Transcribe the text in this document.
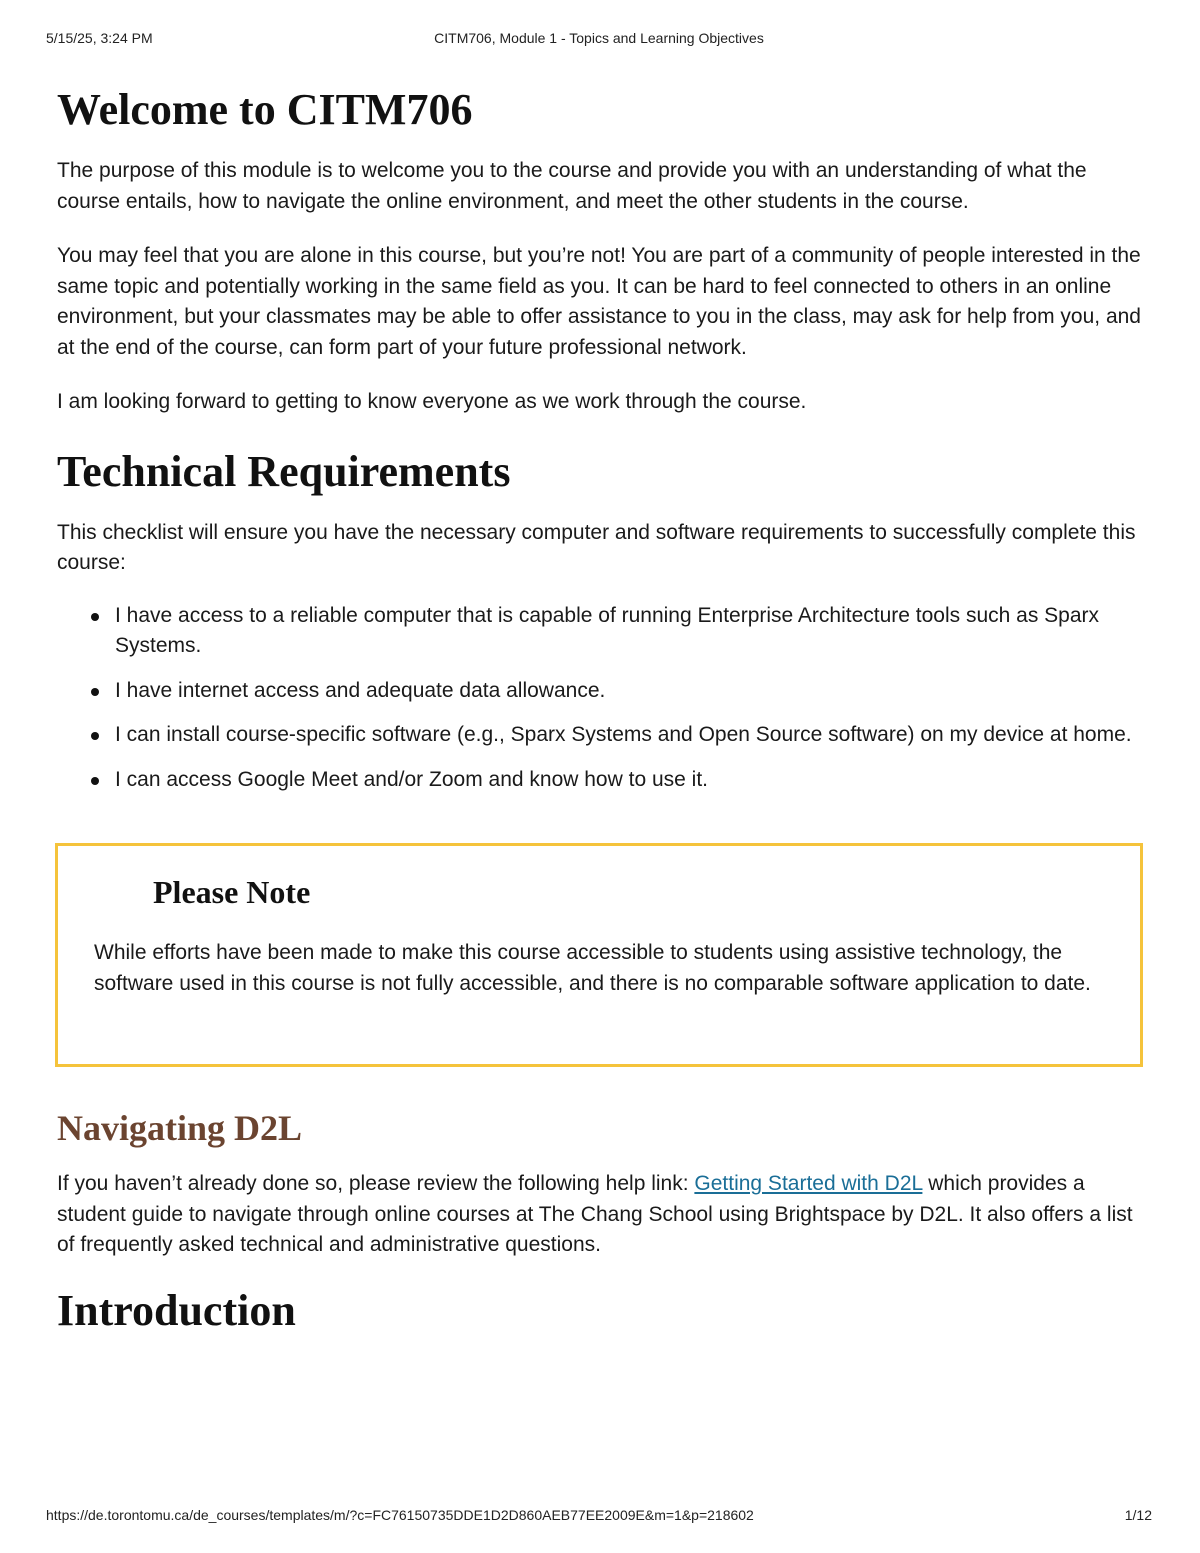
5/15/25, 3:24 PM	CITM706, Module 1 - Topics and Learning Objectives
Welcome to CITM706

The purpose of this module is to welcome you to the course and provide you with an understanding of what the course entails, how to navigate the online environment, and meet the other students in the course.

You may feel that you are alone in this course, but you’re not! You are part of a community of people interested in the same topic and potentially working in the same field as you. It can be hard to feel connected to others in an online environment, but your classmates may be able to offer assistance to you in the class, may ask for help from you, and at the end of the course, can form part of your future professional network.

I am looking forward to getting to know everyone as we work through the course.

Technical Requirements

This checklist will ensure you have the necessary computer and software requirements to successfully complete this course:

I have access to a reliable computer that is capable of running Enterprise Architecture tools such as Sparx Systems.
I have internet access and adequate data allowance.
I can install course-specific software (e.g., Sparx Systems and Open Source software) on my device at home.
I can access Google Meet and/or Zoom and know how to use it.
Please Note
While efforts have been made to make this course accessible to students using assistive technology, the software used in this course is not fully accessible, and there is no comparable software application to date.
Navigating D2L

If you haven’t already done so, please review the following help link: Getting Started with D2L which provides a student guide to navigate through online courses at The Chang School using Brightspace by D2L. It also offers a list of frequently asked technical and administrative questions.

Introduction
https://de.torontomu.ca/de_courses/templates/m/?c=FC76150735DDE1D2D860AEB77EE2009E&m=1&p=218602	1/12
